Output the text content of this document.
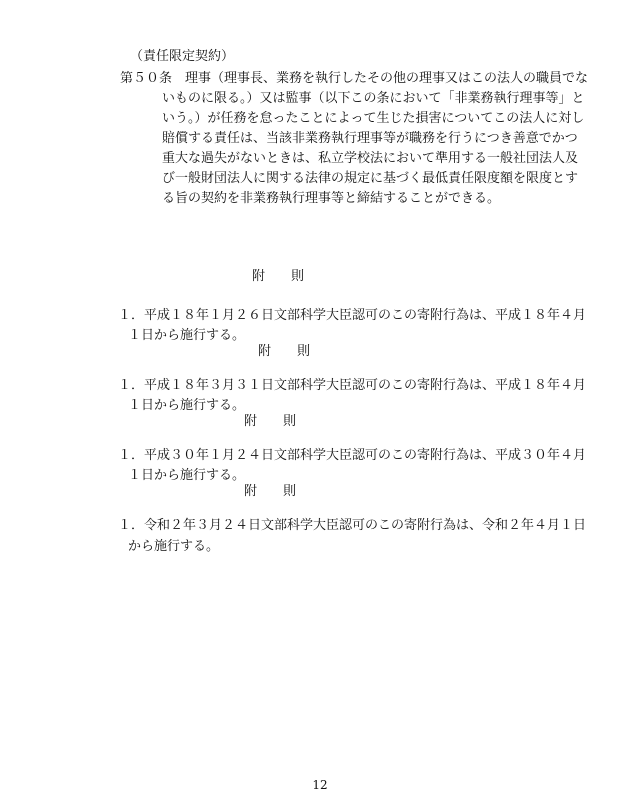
（責任限定契約）
第５０条　理事（理事長、業務を執行したその他の理事又はこの法人の職員でな
いものに限る。）又は監事（以下この条において「非業務執行理事等」と
いう。）が任務を怠ったことによって生じた損害についてこの法人に対し
賠償する責任は、当該非業務執行理事等が職務を行うにつき善意でかつ
重大な過失がないときは、私立学校法において準用する一般社団法人及
び一般財団法人に関する法律の規定に基づく最低責任限度額を限度とす
る旨の契約を非業務執行理事等と締結することができる。
附　　則
１．平成１８年１月２６日文部科学大臣認可のこの寄附行為は、平成１８年４月
１日から施行する。
附　　則
１．平成１８年３月３１日文部科学大臣認可のこの寄附行為は、平成１８年４月
１日から施行する。
附　　則
１．平成３０年１月２４日文部科学大臣認可のこの寄附行為は、平成３０年４月
１日から施行する。
附　　則
１．令和２年３月２４日文部科学大臣認可のこの寄附行為は、令和２年４月１日
から施行する。
12
